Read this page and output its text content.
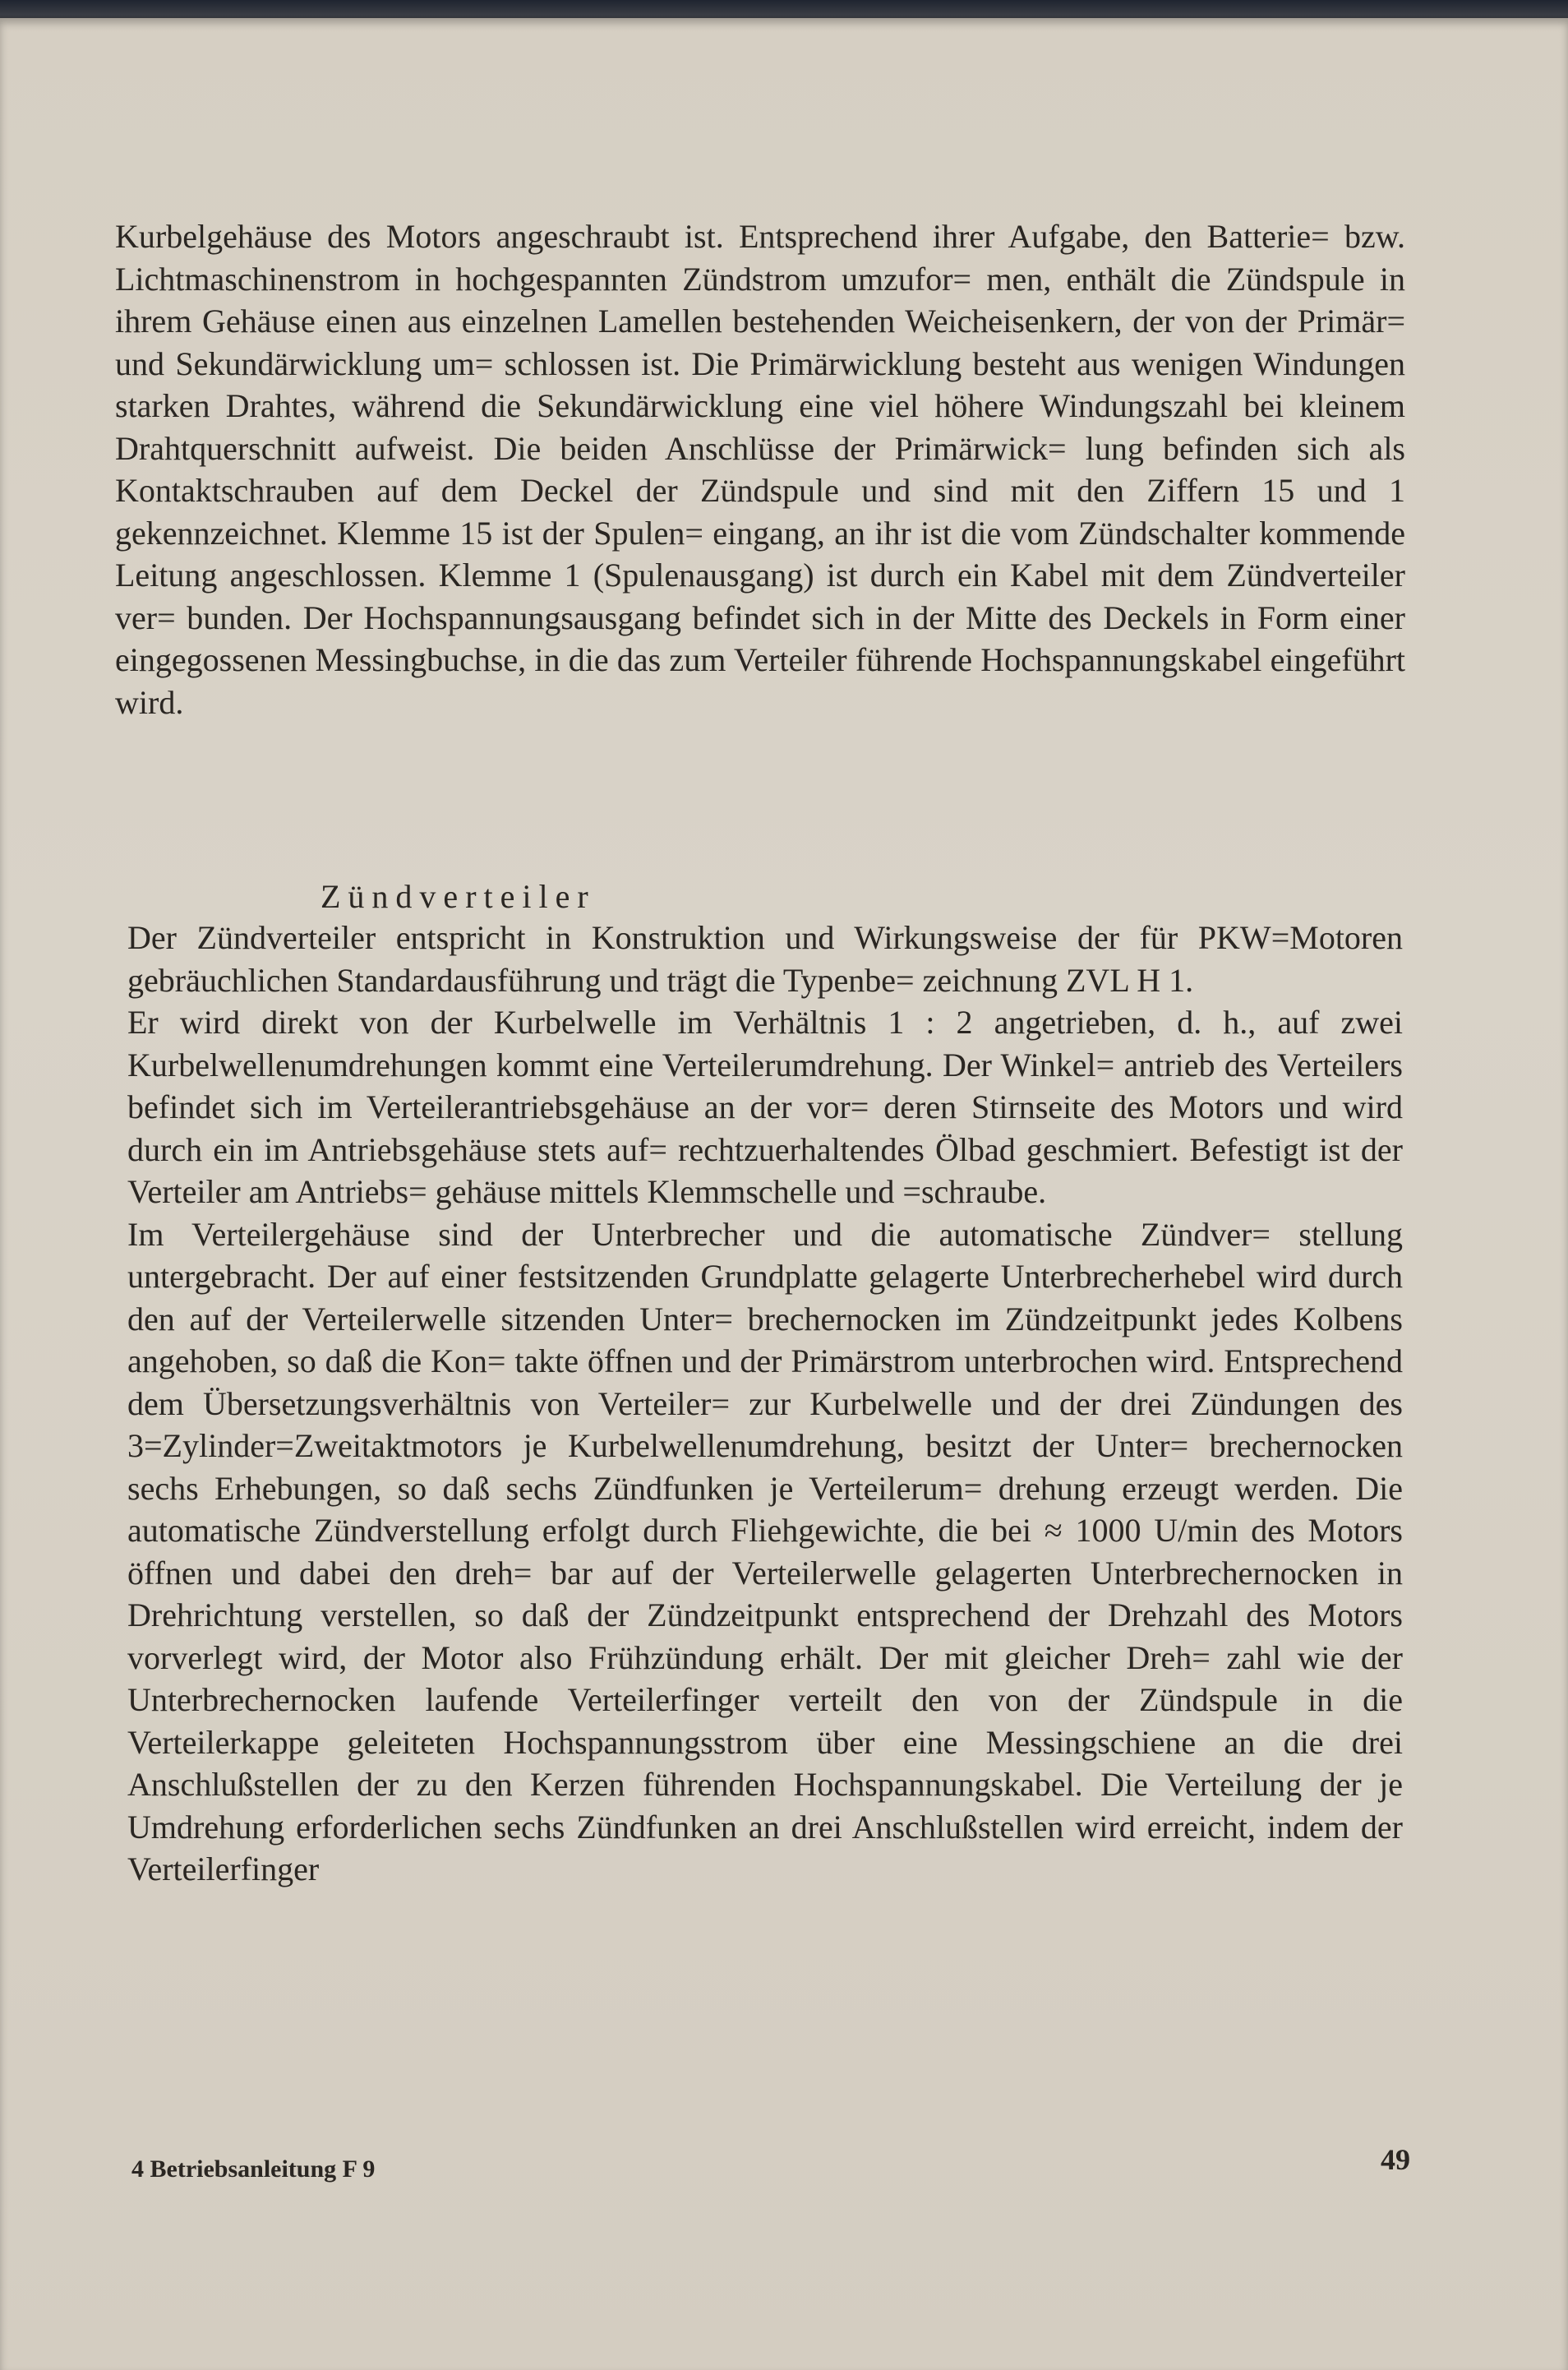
Kurbelgehäuse des Motors angeschraubt ist. Entsprechend ihrer Aufgabe, den Batterie= bzw. Lichtmaschinenstrom in hochgespannten Zündstrom umzufor= men, enthält die Zündspule in ihrem Gehäuse einen aus einzelnen Lamellen bestehenden Weicheisenkern, der von der Primär= und Sekundärwicklung um= schlossen ist. Die Primärwicklung besteht aus wenigen Windungen starken Drahtes, während die Sekundärwicklung eine viel höhere Windungszahl bei kleinem Drahtquerschnitt aufweist. Die beiden Anschlüsse der Primärwick= lung befinden sich als Kontaktschrauben auf dem Deckel der Zündspule und sind mit den Ziffern 15 und 1 gekennzeichnet. Klemme 15 ist der Spulen= eingang, an ihr ist die vom Zündschalter kommende Leitung angeschlossen. Klemme 1 (Spulenausgang) ist durch ein Kabel mit dem Zündverteiler ver= bunden. Der Hochspannungsausgang befindet sich in der Mitte des Deckels in Form einer eingegossenen Messingbuchse, in die das zum Verteiler führende Hochspannungskabel eingeführt wird.

Zündverteiler

Der Zündverteiler entspricht in Konstruktion und Wirkungsweise der für PKW=Motoren gebräuchlichen Standardausführung und trägt die Typenbe= zeichnung ZVL H 1.

Er wird direkt von der Kurbelwelle im Verhältnis 1 : 2 angetrieben, d. h., auf zwei Kurbelwellenumdrehungen kommt eine Verteilerumdrehung. Der Winkel= antrieb des Verteilers befindet sich im Verteilerantriebsgehäuse an der vor= deren Stirnseite des Motors und wird durch ein im Antriebsgehäuse stets auf= rechtzuerhaltendes Ölbad geschmiert. Befestigt ist der Verteiler am Antriebs= gehäuse mittels Klemmschelle und =schraube.

Im Verteilergehäuse sind der Unterbrecher und die automatische Zündver= stellung untergebracht. Der auf einer festsitzenden Grundplatte gelagerte Unterbrecherhebel wird durch den auf der Verteilerwelle sitzenden Unter= brechernocken im Zündzeitpunkt jedes Kolbens angehoben, so daß die Kon= takte öffnen und der Primärstrom unterbrochen wird. Entsprechend dem Übersetzungsverhältnis von Verteiler= zur Kurbelwelle und der drei Zündungen des 3=Zylinder=Zweitaktmotors je Kurbelwellenumdrehung, besitzt der Unter= brechernocken sechs Erhebungen, so daß sechs Zündfunken je Verteilerum= drehung erzeugt werden. Die automatische Zündverstellung erfolgt durch Fliehgewichte, die bei ≈ 1000 U/min des Motors öffnen und dabei den dreh= bar auf der Verteilerwelle gelagerten Unterbrechernocken in Drehrichtung verstellen, so daß der Zündzeitpunkt entsprechend der Drehzahl des Motors vorverlegt wird, der Motor also Frühzündung erhält. Der mit gleicher Dreh= zahl wie der Unterbrechernocken laufende Verteilerfinger verteilt den von der Zündspule in die Verteilerkappe geleiteten Hochspannungsstrom über eine Messingschiene an die drei Anschlußstellen der zu den Kerzen führenden Hochspannungskabel. Die Verteilung der je Umdrehung erforderlichen sechs Zündfunken an drei Anschlußstellen wird erreicht, indem der Verteilerfinger

4 Betriebsanleitung F 9	49
